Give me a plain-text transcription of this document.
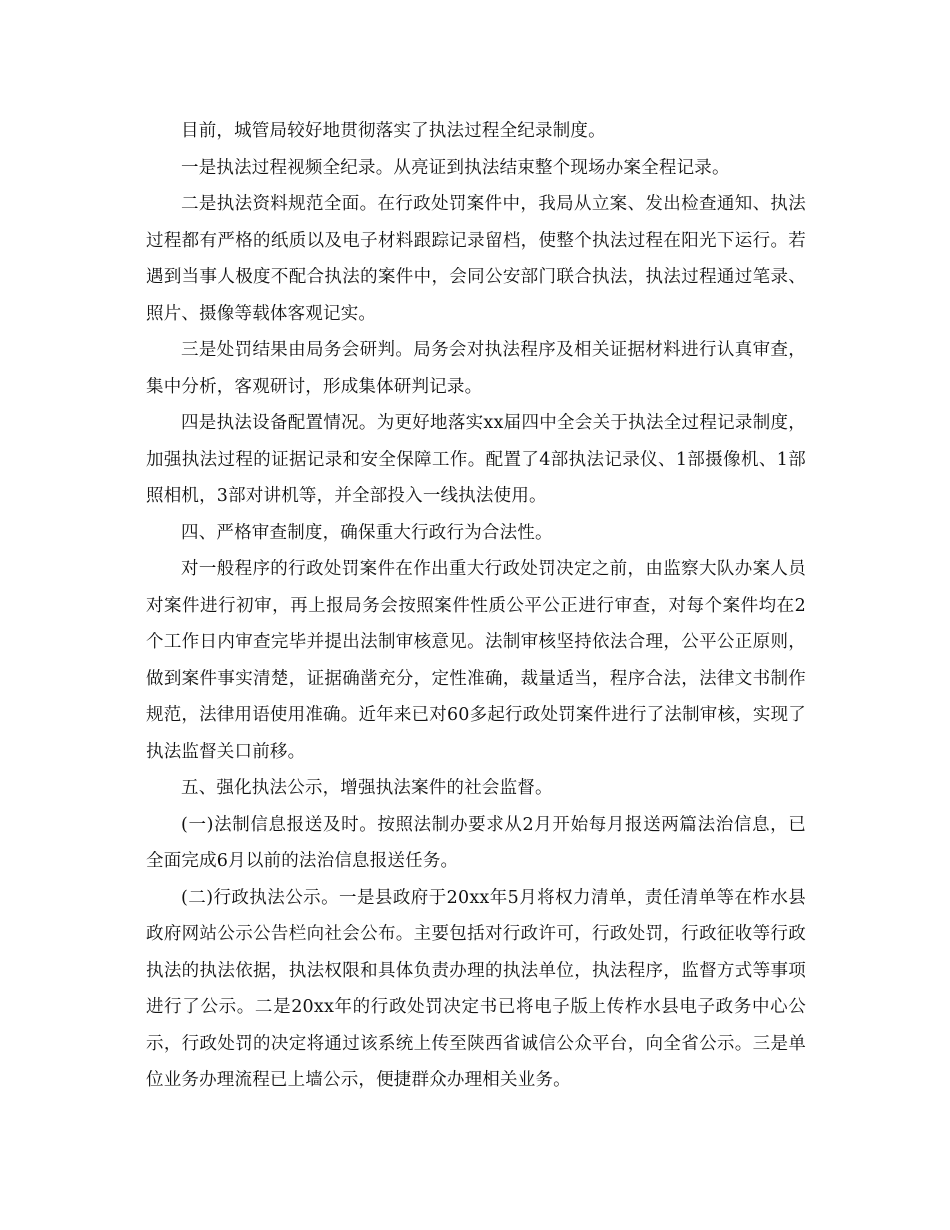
目前，城管局较好地贯彻落实了执法过程全纪录制度。

一是执法过程视频全纪录。从亮证到执法结束整个现场办案全程记录。

二是执法资料规范全面。在行政处罚案件中，我局从立案、发出检查通知、执法过程都有严格的纸质以及电子材料跟踪记录留档，使整个执法过程在阳光下运行。若遇到当事人极度不配合执法的案件中，会同公安部门联合执法，执法过程通过笔录、照片、摄像等载体客观记实。

三是处罚结果由局务会研判。局务会对执法程序及相关证据材料进行认真审查，集中分析，客观研讨，形成集体研判记录。

四是执法设备配置情况。为更好地落实xx届四中全会关于执法全过程记录制度，加强执法过程的证据记录和安全保障工作。配置了4部执法记录仪、1部摄像机、1部照相机，3部对讲机等，并全部投入一线执法使用。

四、严格审查制度，确保重大行政行为合法性。

对一般程序的行政处罚案件在作出重大行政处罚决定之前，由监察大队办案人员对案件进行初审，再上报局务会按照案件性质公平公正进行审查，对每个案件均在2个工作日内审查完毕并提出法制审核意见。法制审核坚持依法合理，公平公正原则，做到案件事实清楚，证据确凿充分，定性准确，裁量适当，程序合法，法律文书制作规范，法律用语使用准确。近年来已对60多起行政处罚案件进行了法制审核，实现了执法监督关口前移。

五、强化执法公示，增强执法案件的社会监督。

(一)法制信息报送及时。按照法制办要求从2月开始每月报送两篇法治信息，已全面完成6月以前的法治信息报送任务。

(二)行政执法公示。一是县政府于20xx年5月将权力清单，责任清单等在柞水县政府网站公示公告栏向社会公布。主要包括对行政许可，行政处罚，行政征收等行政执法的执法依据，执法权限和具体负责办理的执法单位，执法程序，监督方式等事项进行了公示。二是20xx年的行政处罚决定书已将电子版上传柞水县电子政务中心公示，行政处罚的决定将通过该系统上传至陕西省诚信公众平台，向全省公示。三是单位业务办理流程已上墙公示，便捷群众办理相关业务。
